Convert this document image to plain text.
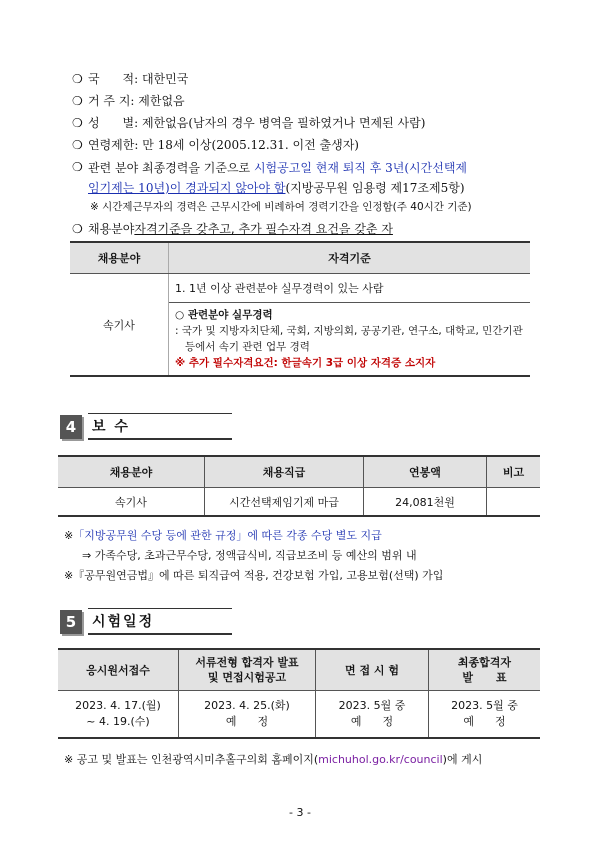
❍ 국      적:
대한민국
❍ 거 주 지:
제한없음
❍ 성      별:
제한없음(남자의 경우 병역을 필하였거나 면제된 사람)
❍ 연령제한:
만 18세 이상(2005.12.31. 이전 출생자)
❍ 관련 분야 최종경력을 기준으로 시험공고일 현재 퇴직 후 3년(시간선택제
임기제는 10년)이 경과되지 않아야 함(지방공무원 임용령 제17조제5항)
※ 시간제근무자의 경력은 근무시간에 비례하여 경력기간을 인정함(주 40시간 기준)
❍ 채용분야 자격기준을 갖추고, 추가 필수자격 요건을 갖춘 자
채용분야	자격기준
속기사	1. 1년 이상 관련분야 실무경력이 있는 사람

	○ 관련분야 실무경력
: 국가 및 지방자치단체, 국회, 지방의회, 공공기관, 연구소, 대학교, 민간기관
등에서 속기 관련 업무 경력
※ 추가 필수자격요건: 한글속기 3급 이상 자격증 소지자
4	보 수
채용분야	채용직급	연봉액	비고
속기사	시간선택제임기제 마급	24,081천원	
※「지방공무원 수당 등에 관한 규정」에 따른 각종 수당 별도 지급
⇒ 가족수당, 초과근무수당, 정액급식비, 직급보조비 등 예산의 범위 내
※『공무원연금법』에 따른 퇴직급여 적용, 건강보험 가입, 고용보험(선택) 가입
5	시험일정
응시원서접수	서류전형 합격자 발표
및 면접시험공고	면 접 시 험	최종합격자
발      표

2023. 4. 17.(월)
~ 4. 19.(수)	2023. 4. 25.(화)
예      정	2023. 5월 중
예      정	2023. 5월 중
예      정
※ 공고 및 발표는 인천광역시미추홀구의회 홈페이지(michuhol.go.kr/council)에 게시
- 3 -
